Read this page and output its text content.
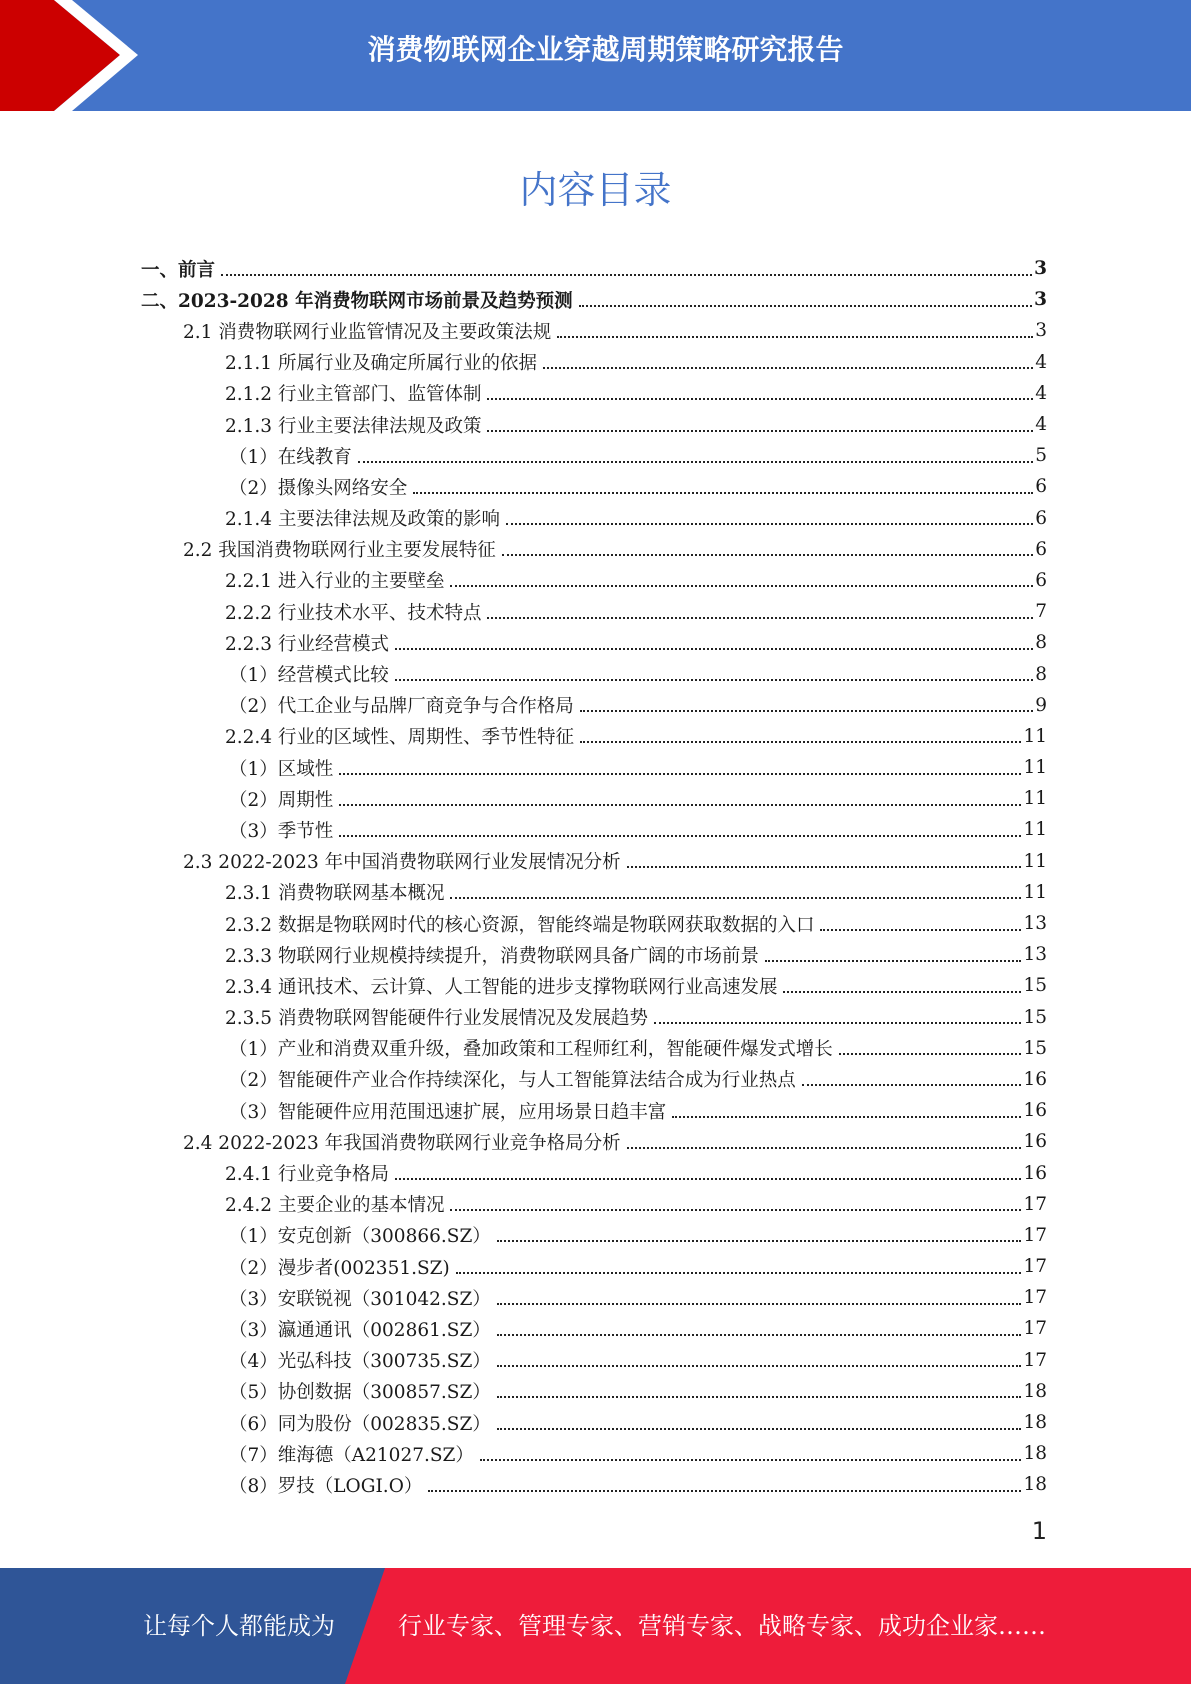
消费物联网企业穿越周期策略研究报告
内容目录
一、前言	3
二、2023-2028 年消费物联网市场前景及趋势预测	3
2.1 消费物联网行业监管情况及主要政策法规	3
2.1.1 所属行业及确定所属行业的依据	4
2.1.2 行业主管部门、监管体制	4
2.1.3 行业主要法律法规及政策	4
（1）在线教育	5
（2）摄像头网络安全	6
2.1.4 主要法律法规及政策的影响	6
2.2 我国消费物联网行业主要发展特征	6
2.2.1 进入行业的主要壁垒	6
2.2.2 行业技术水平、技术特点	7
2.2.3 行业经营模式	8
（1）经营模式比较	8
（2）代工企业与品牌厂商竞争与合作格局	9
2.2.4 行业的区域性、周期性、季节性特征	11
（1）区域性	11
（2）周期性	11
（3）季节性	11
2.3 2022-2023 年中国消费物联网行业发展情况分析	11
2.3.1 消费物联网基本概况	11
2.3.2 数据是物联网时代的核心资源，智能终端是物联网获取数据的入口	13
2.3.3 物联网行业规模持续提升，消费物联网具备广阔的市场前景	13
2.3.4 通讯技术、云计算、人工智能的进步支撑物联网行业高速发展	15
2.3.5 消费物联网智能硬件行业发展情况及发展趋势	15
（1）产业和消费双重升级，叠加政策和工程师红利，智能硬件爆发式增长	15
（2）智能硬件产业合作持续深化，与人工智能算法结合成为行业热点	16
（3）智能硬件应用范围迅速扩展，应用场景日趋丰富	16
2.4 2022-2023 年我国消费物联网行业竞争格局分析	16
2.4.1 行业竞争格局	16
2.4.2 主要企业的基本情况	17
（1）安克创新（300866.SZ）	17
（2）漫步者(002351.SZ)	17
（3）安联锐视（301042.SZ）	17
（3）瀛通通讯（002861.SZ）	17
（4）光弘科技（300735.SZ）	17
（5）协创数据（300857.SZ）	18
（6）同为股份（002835.SZ）	18
（7）维海德（A21027.SZ）	18
（8）罗技（LOGI.O）	18
1
让每个人都能成为	行业专家、管理专家、营销专家、战略专家、成功企业家……
